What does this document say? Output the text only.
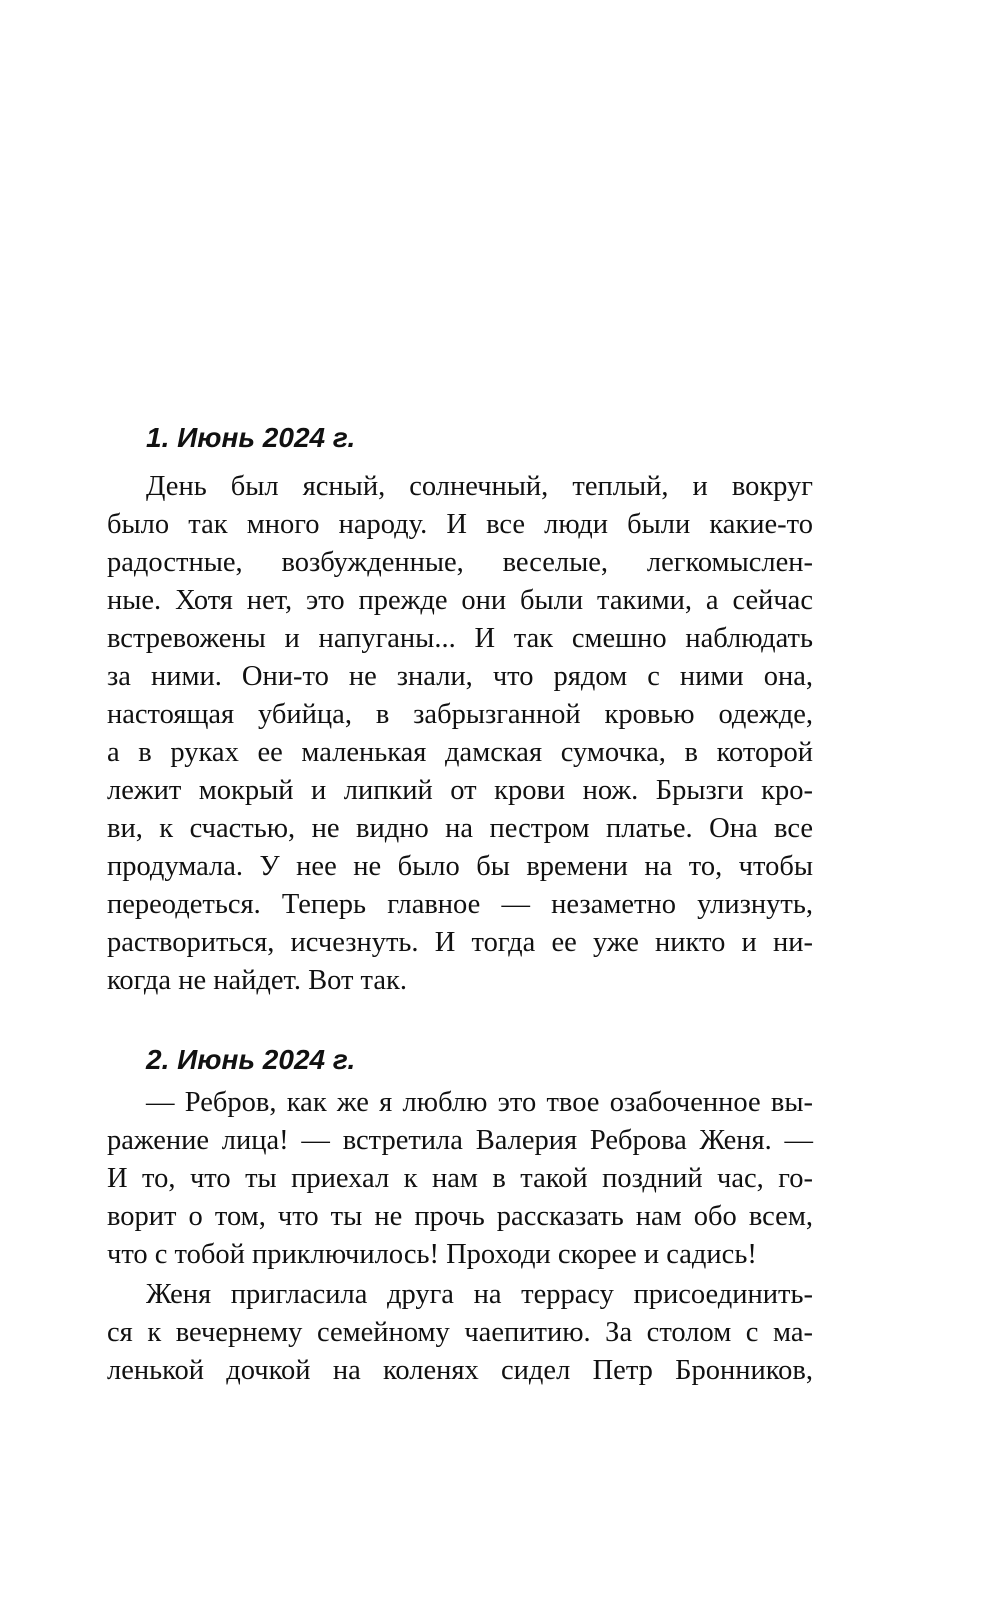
1. Июнь 2024 г.

День был ясный, солнечный, теплый, и вокруг

было так много народу. И все люди были какие-то

радостные, возбужденные, веселые, легкомыслен-

ные. Хотя нет, это прежде они были такими, а сейчас

встревожены и напуганы... И так смешно наблюдать

за ними. Они-то не знали, что рядом с ними она,

настоящая убийца, в забрызганной кровью одежде,

а в руках ее маленькая дамская сумочка, в которой

лежит мокрый и липкий от крови нож. Брызги кро-

ви, к счастью, не видно на пестром платье. Она все

продумала. У нее не было бы времени на то, чтобы

переодеться. Теперь главное — незаметно улизнуть,

раствориться, исчезнуть. И тогда ее уже никто и ни-

когда не найдет. Вот так.

2. Июнь 2024 г.

— Ребров, как же я люблю это твое озабоченное вы-

ражение лица! — встретила Валерия Реброва Женя. —

И то, что ты приехал к нам в такой поздний час, го-

ворит о том, что ты не прочь рассказать нам обо всем,

что с тобой приключилось! Проходи скорее и садись!

Женя пригласила друга на террасу присоединить-

ся к вечернему семейному чаепитию. За столом с ма-

ленькой дочкой на коленях сидел Петр Бронников,
